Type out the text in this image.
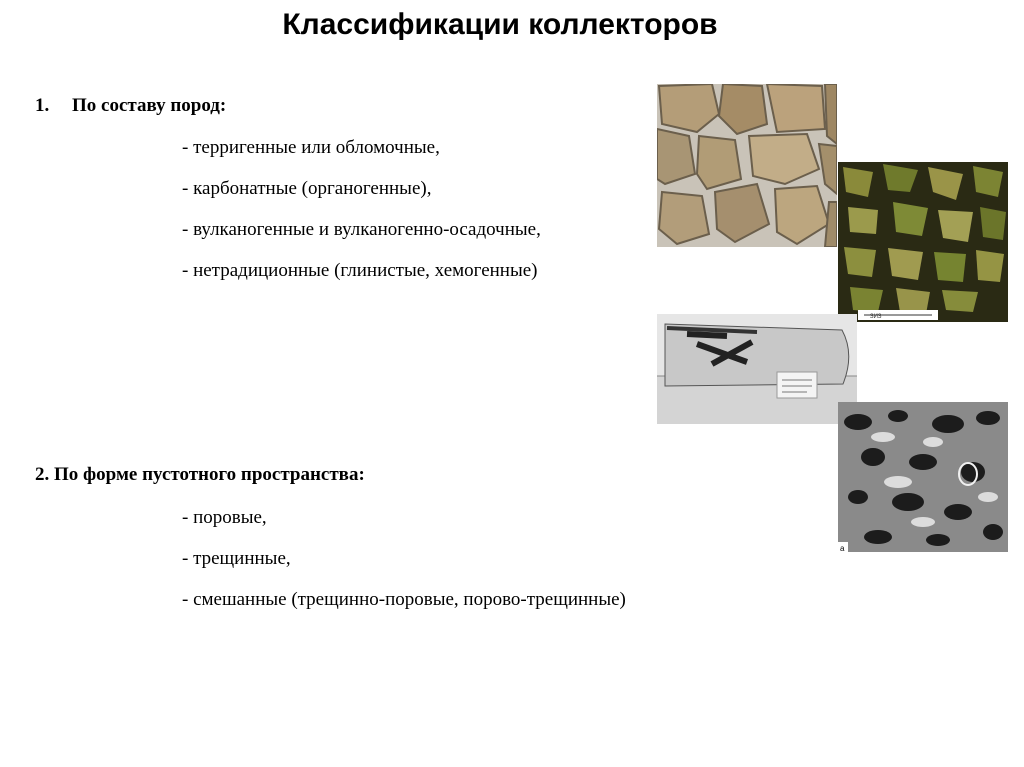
Классификации коллекторов
1. По составу пород:
- терригенные или обломочные,
- карбонатные (органогенные),
- вулканогенные и вулканогенно-осадочные,
- нетрадиционные (глинистые, хемогенные)
2. По форме пустотного пространства:
- поровые,
- трещинные,
- смешанные (трещинно-поровые, порово-трещинные)
ЗИЗ
а
